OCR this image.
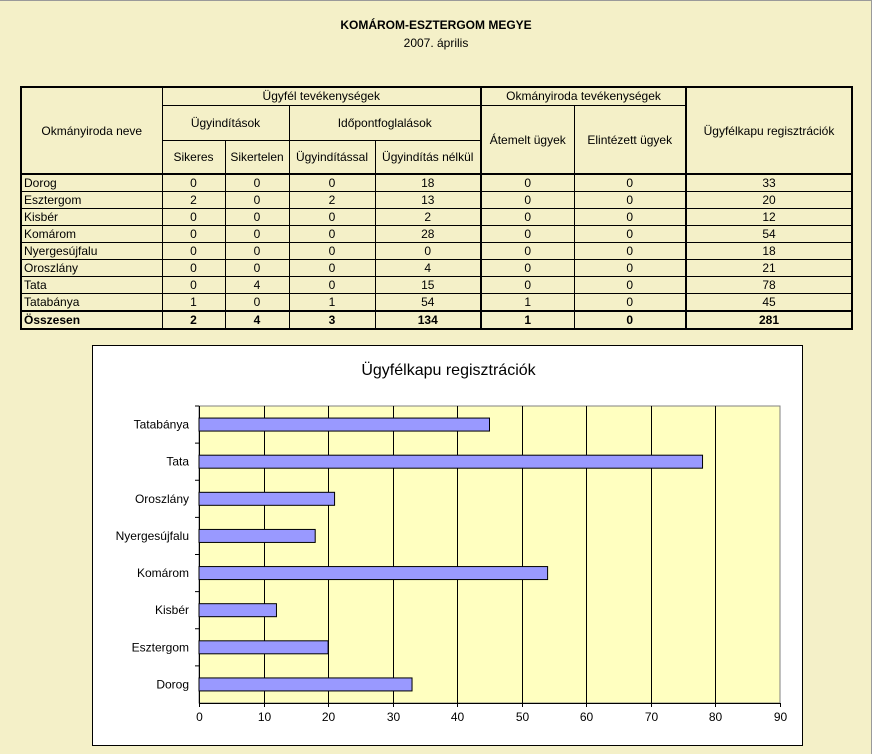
KOMÁROM-ESZTERGOM MEGYE
2007. április
Okmányiroda neve	Ügyfél tevékenységek				Okmányiroda tevékenységek		Ügyfélkapu regisztrációk
	Ügyindítások		Időpontfoglalások		Átemelt ügyek	Elintézett ügyek	
	Sikeres	Sikertelen	Ügyindítással	Ügyindítás nélkül			
Dorog	0	0	0	18	0	0	33
Esztergom	2	0	2	13	0	0	20
Kisbér	0	0	0	2	0	0	12
Komárom	0	0	0	28	0	0	54
Nyergesújfalu	0	0	0	0	0	0	18
Oroszlány	0	0	0	4	0	0	21
Tata	0	4	0	15	0	0	78
Tatabánya	1	0	1	54	1	0	45
Összesen	2	4	3	134	1	0	281
Ügyfélkapu regisztrációk
0	10	20	30	40	50	60	70	80	90
Tatabánya
Tata
Oroszlány
Nyergesújfalu
Komárom
Kisbér
Esztergom
Dorog
